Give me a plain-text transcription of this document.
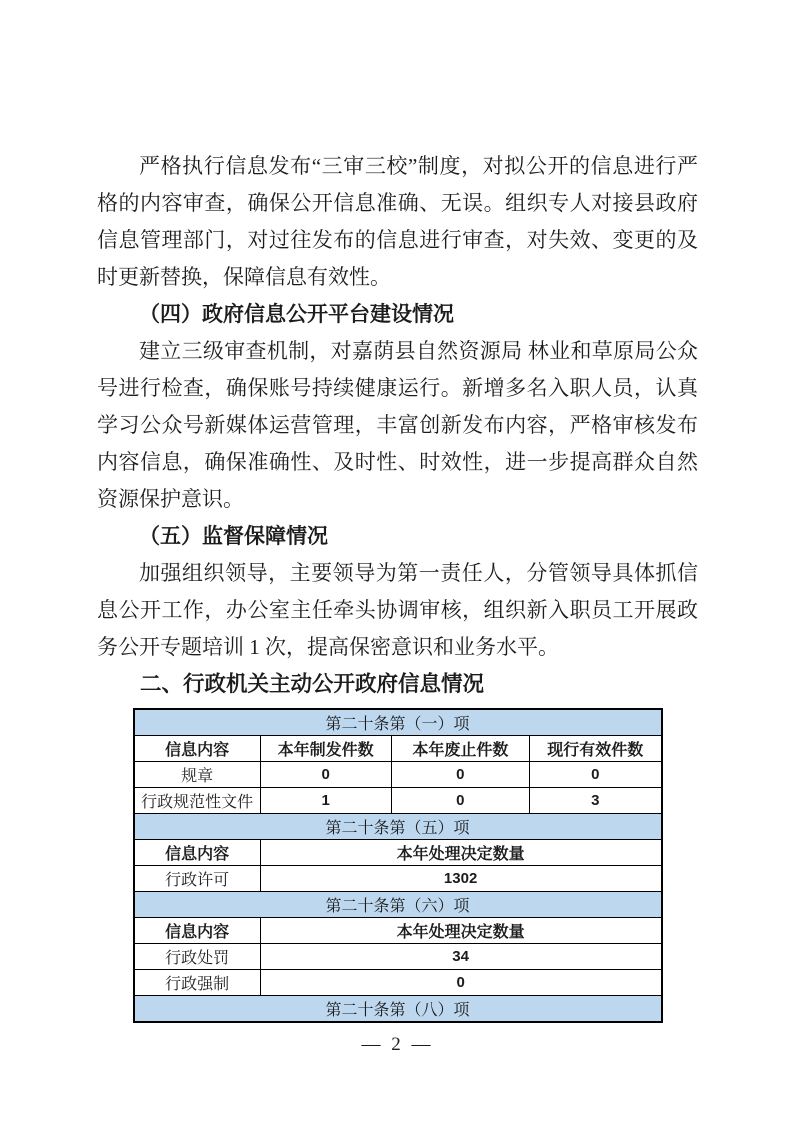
严格执行信息发布“三审三校”制度，对拟公开的信息进行严格的内容审查，确保公开信息准确、无误。组织专人对接县政府信息管理部门，对过往发布的信息进行审查，对失效、变更的及时更新替换，保障信息有效性。

（四）政府信息公开平台建设情况

建立三级审查机制，对嘉荫县自然资源局 林业和草原局公众号进行检查，确保账号持续健康运行。新增多名入职人员，认真学习公众号新媒体运营管理，丰富创新发布内容，严格审核发布内容信息，确保准确性、及时性、时效性，进一步提高群众自然资源保护意识。

（五）监督保障情况

加强组织领导，主要领导为第一责任人，分管领导具体抓信息公开工作，办公室主任牵头协调审核，组织新入职员工开展政务公开专题培训 1 次，提高保密意识和业务水平。

二、行政机关主动公开政府信息情况
第二十条第（一）项			
信息内容	本年制发件数	本年废止件数	现行有效件数
规章	0	0	0
行政规范性文件	1	0	3
第二十条第（五）项			
信息内容	本年处理决定数量		
行政许可	1302		
第二十条第（六）项			
信息内容	本年处理决定数量		
行政处罚	34		
行政强制	0		
第二十条第（八）项			
— 2 —
